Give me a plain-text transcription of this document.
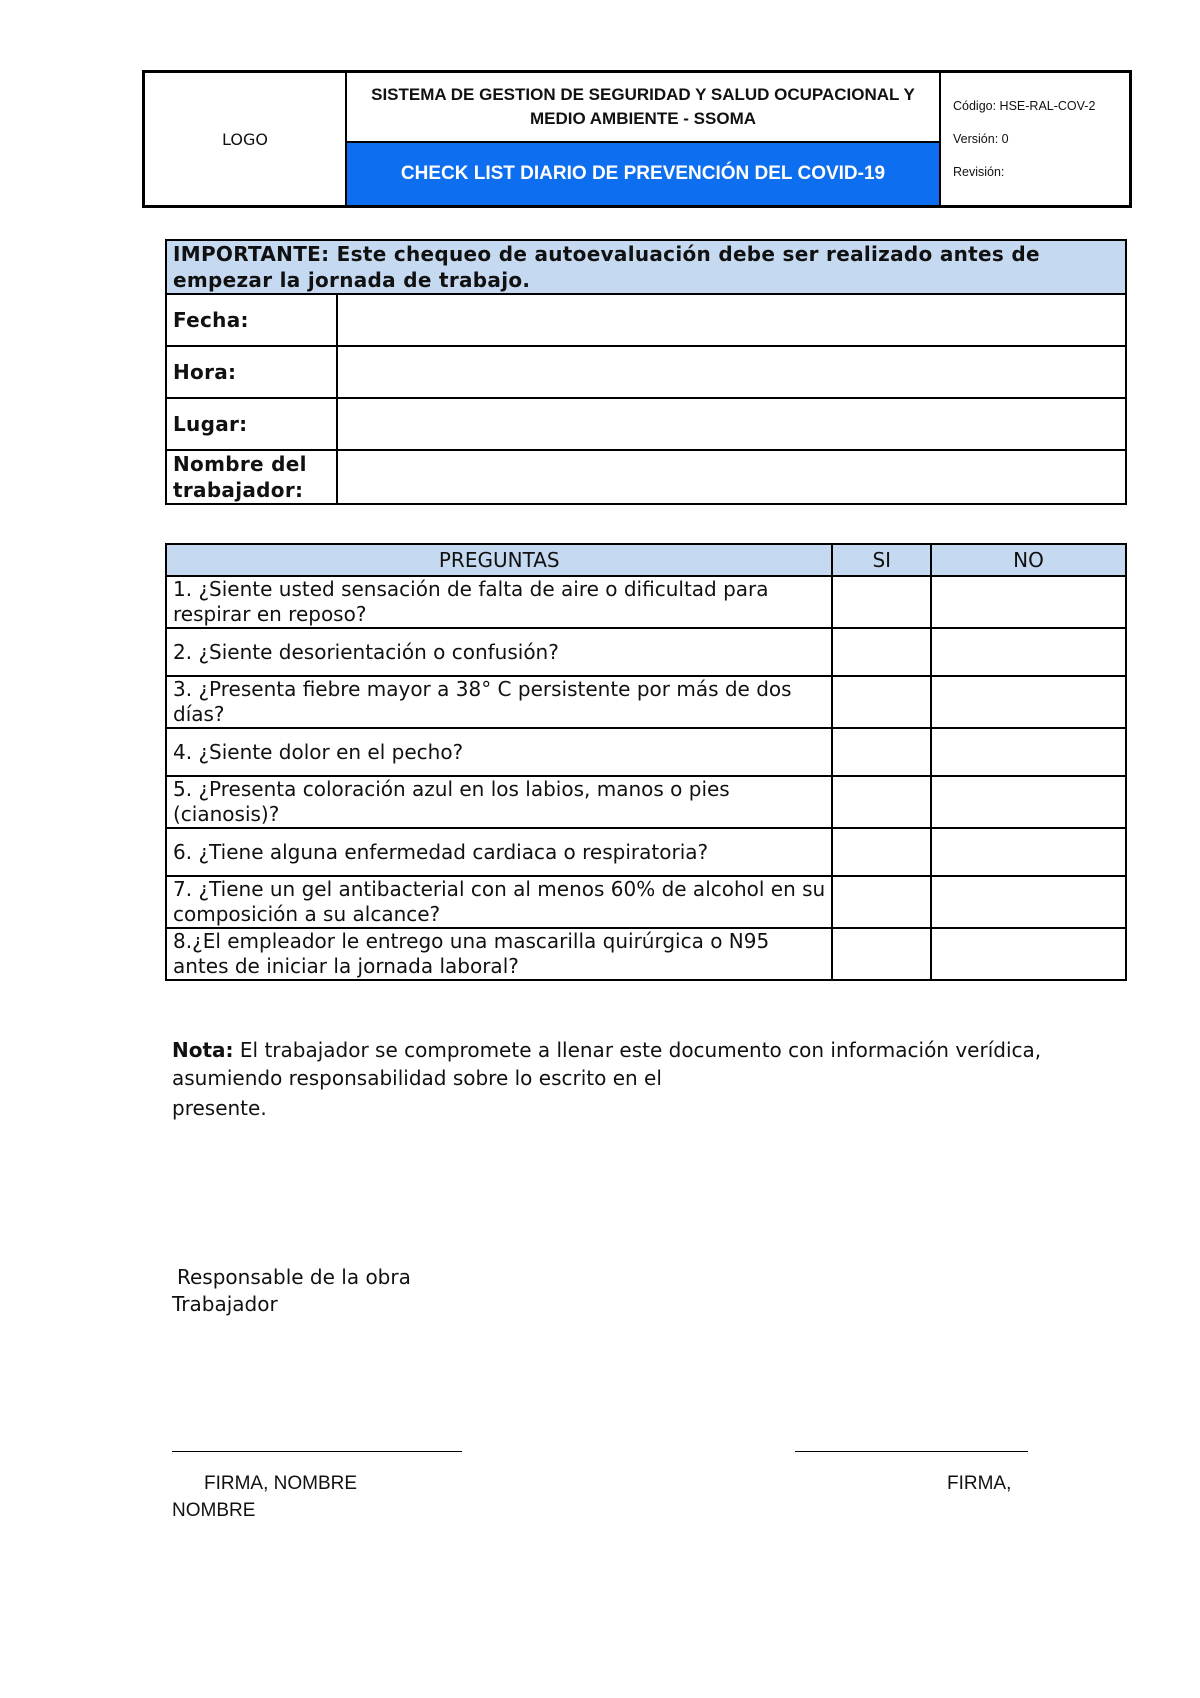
LOGO
SISTEMA DE GESTION DE SEGURIDAD Y SALUD OCUPACIONAL Y MEDIO AMBIENTE - SSOMA
CHECK LIST DIARIO DE PREVENCIÓN DEL COVID-19
Código: HSE-RAL-COV-2
Versión: 0
Revisión:
IMPORTANTE: Este chequeo de autoevaluación debe ser realizado antes de empezar la jornada de trabajo.	
Fecha:	
Hora:	
Lugar:	
Nombre del trabajador:	
PREGUNTAS	SI	NO
1. ¿Siente usted sensación de falta de aire o dificultad para respirar en reposo?		
2. ¿Siente desorientación o confusión?		
3. ¿Presenta fiebre mayor a 38° C persistente por más de dos días?		
4. ¿Siente dolor en el pecho?		
5. ¿Presenta coloración azul en los labios, manos o pies (cianosis)?		
6. ¿Tiene alguna enfermedad cardiaca o respiratoria?		
7. ¿Tiene un gel antibacterial con al menos 60% de alcohol en su composición a su alcance?		
8.¿El empleador le entrego una mascarilla quirúrgica o N95 antes de iniciar la jornada laboral?		
Nota: El trabajador se compromete a llenar este documento con información verídica, asumiendo responsabilidad sobre lo escrito en el
presente.
Responsable de la obra
Trabajador
FIRMA, NOMBRE	FIRMA,
NOMBRE
